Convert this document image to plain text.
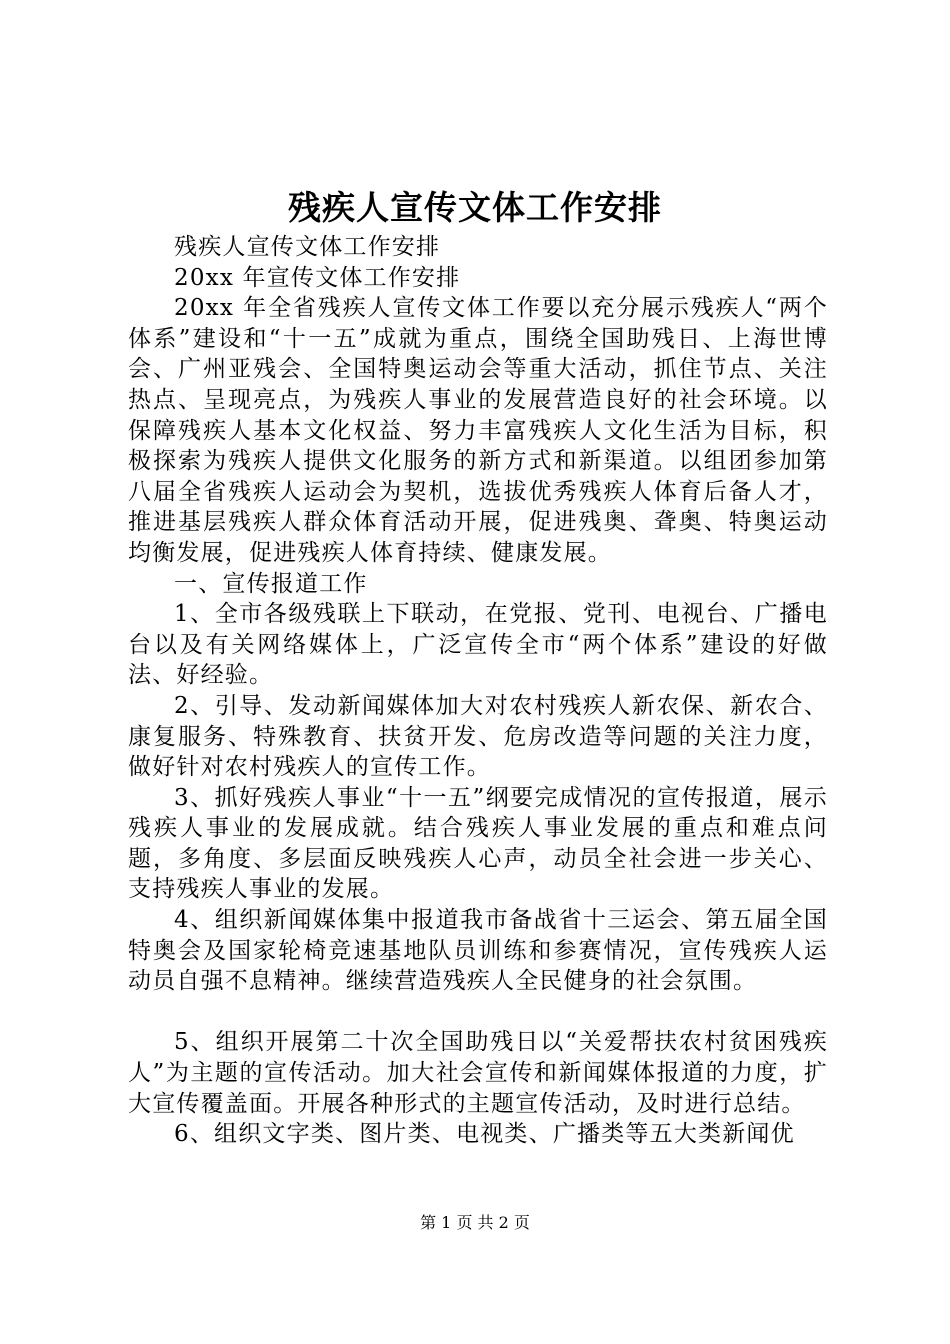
残疾人宣传文体工作安排

残疾人宣传文体工作安排

20xx 年宣传文体工作安排

20xx 年全省残疾人宣传文体工作要以充分展示残疾人“两个体系”建设和“十一五”成就为重点，围绕全国助残日、上海世博会、广州亚残会、全国特奥运动会等重大活动，抓住节点、关注热点、呈现亮点，为残疾人事业的发展营造良好的社会环境。以保障残疾人基本文化权益、努力丰富残疾人文化生活为目标，积极探索为残疾人提供文化服务的新方式和新渠道。以组团参加第八届全省残疾人运动会为契机，选拔优秀残疾人体育后备人才，推进基层残疾人群众体育活动开展，促进残奥、聋奥、特奥运动均衡发展，促进残疾人体育持续、健康发展。

一、宣传报道工作

1、全市各级残联上下联动，在党报、党刊、电视台、广播电台以及有关网络媒体上，广泛宣传全市“两个体系”建设的好做法、好经验。

2、引导、发动新闻媒体加大对农村残疾人新农保、新农合、康复服务、特殊教育、扶贫开发、危房改造等问题的关注力度，做好针对农村残疾人的宣传工作。

3、抓好残疾人事业“十一五”纲要完成情况的宣传报道，展示残疾人事业的发展成就。结合残疾人事业发展的重点和难点问题，多角度、多层面反映残疾人心声，动员全社会进一步关心、支持残疾人事业的发展。

4、组织新闻媒体集中报道我市备战省十三运会、第五届全国特奥会及国家轮椅竞速基地队员训练和参赛情况，宣传残疾人运动员自强不息精神。继续营造残疾人全民健身的社会氛围。

5、组织开展第二十次全国助残日以“关爱帮扶农村贫困残疾人”为主题的宣传活动。加大社会宣传和新闻媒体报道的力度，扩大宣传覆盖面。开展各种形式的主题宣传活动，及时进行总结。

6、组织文字类、图片类、电视类、广播类等五大类新闻优

第 1 页 共 2 页
